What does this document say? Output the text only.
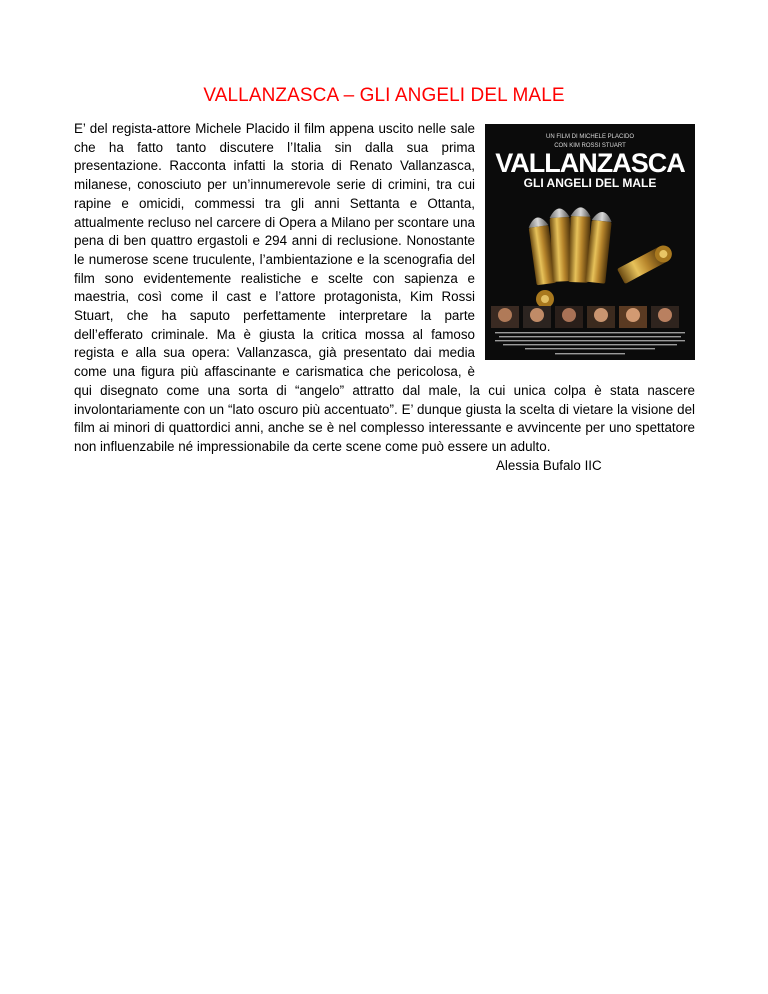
VALLANZASCA – GLI ANGELI DEL MALE
UN FILM DI MICHELE PLACIDO
CON KIM ROSSI STUART
VALLANZASCA
GLI ANGELI DEL MALE
E’ del regista-attore Michele Placido il film appena uscito nelle sale che ha fatto tanto discutere l’Italia sin dalla sua prima presentazione. Racconta infatti la storia di Renato Vallanzasca, milanese, conosciuto per un’innumerevole serie di crimini, tra cui rapine e omicidi, commessi tra gli anni Settanta e Ottanta, attualmente recluso nel carcere di Opera a Milano per scontare una pena di ben quattro ergastoli e 294 anni di reclusione. Nonostante le numerose scene truculente, l’ambientazione e la scenografia del film sono evidentemente realistiche e scelte con sapienza e maestria, così come il cast e l’attore protagonista, Kim Rossi Stuart, che ha saputo perfettamente interpretare la parte dell’efferato criminale. Ma è giusta la critica mossa al famoso regista e alla sua opera: Vallanzasca, già presentato dai media come una figura più affascinante e carismatica che pericolosa, è qui disegnato come una sorta di “angelo” attratto dal male, la cui unica colpa è stata nascere involontariamente con un “lato oscuro più accentuato”. E’ dunque giusta la scelta di vietare la visione del film ai minori di quattordici anni, anche se è nel complesso interessante e avvincente per uno spettatore non influenzabile né impressionabile da certe scene come può essere un adulto.
Alessia Bufalo IIC
